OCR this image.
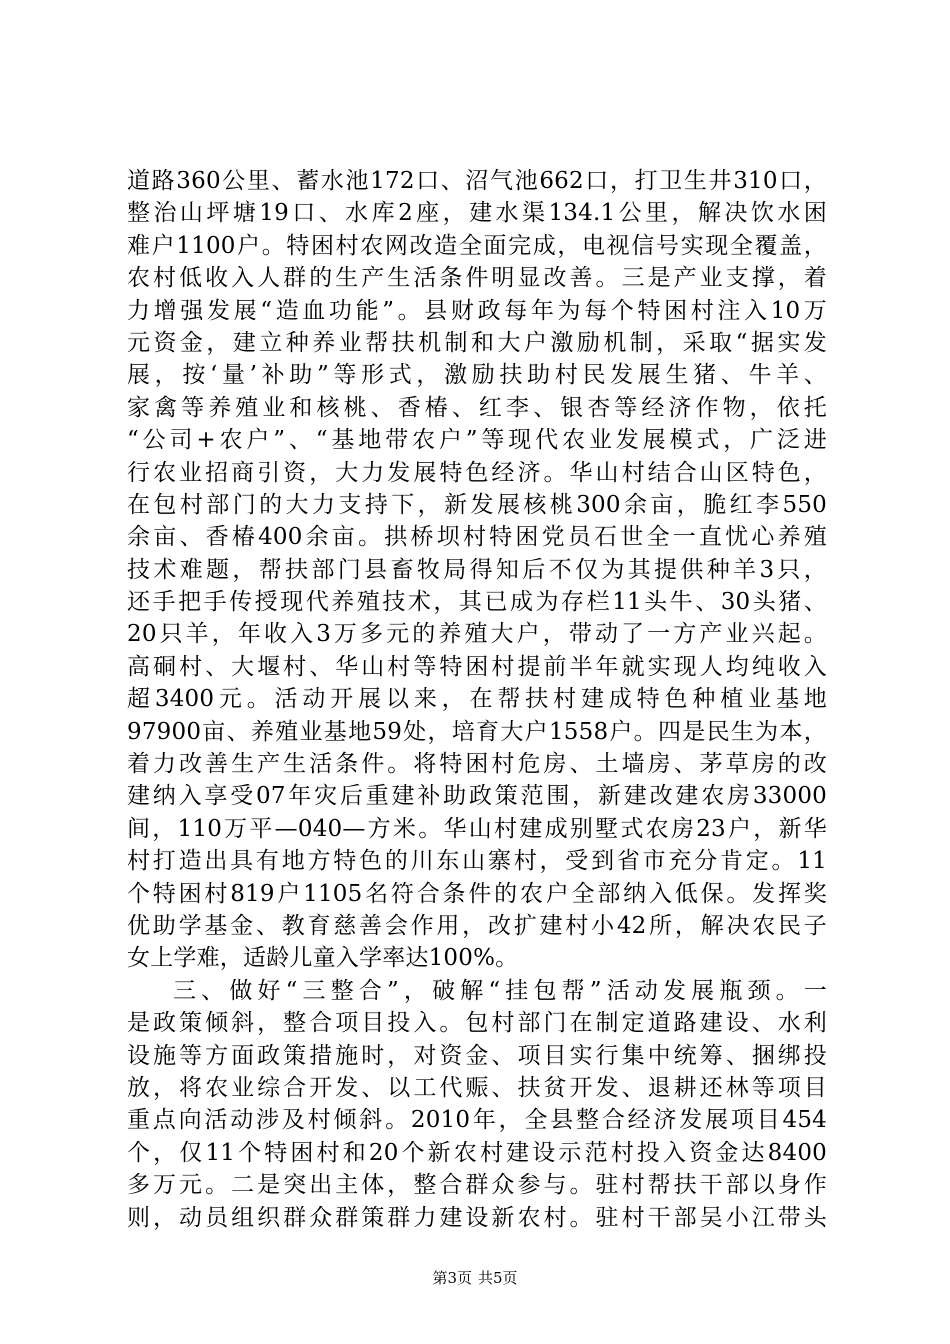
道路360公里、蓄水池172口、沼气池662口，打卫生井310口，
整治山坪塘19口、水库2座，建水渠134.1公里，解决饮水困
难户1100户。特困村农网改造全面完成，电视信号实现全覆盖，
农村低收入人群的生产生活条件明显改善。三是产业支撑，着
力增强发展“造血功能”。县财政每年为每个特困村注入10万
元资金，建立种养业帮扶机制和大户激励机制，采取“据实发
展，按‘量’补助”等形式，激励扶助村民发展生猪、牛羊、
家禽等养殖业和核桃、香椿、红李、银杏等经济作物，依托
“公司+农户”、“基地带农户”等现代农业发展模式，广泛进
行农业招商引资，大力发展特色经济。华山村结合山区特色，
在包村部门的大力支持下，新发展核桃300余亩，脆红李550
余亩、香椿400余亩。拱桥坝村特困党员石世全一直忧心养殖
技术难题，帮扶部门县畜牧局得知后不仅为其提供种羊3只，
还手把手传授现代养殖技术，其已成为存栏11头牛、30头猪、
20只羊，年收入3万多元的养殖大户，带动了一方产业兴起。
高硐村、大堰村、华山村等特困村提前半年就实现人均纯收入
超3400元。活动开展以来，在帮扶村建成特色种植业基地
97900亩、养殖业基地59处，培育大户1558户。四是民生为本，
着力改善生产生活条件。将特困村危房、土墙房、茅草房的改
建纳入享受07年灾后重建补助政策范围，新建改建农房33000
间，110万平—040—方米。华山村建成别墅式农房23户，新华
村打造出具有地方特色的川东山寨村，受到省市充分肯定。11
个特困村819户1105名符合条件的农户全部纳入低保。发挥奖
优助学基金、教育慈善会作用，改扩建村小42所，解决农民子
女上学难，适龄儿童入学率达100%。
三、做好“三整合”，破解“挂包帮”活动发展瓶颈。一
是政策倾斜，整合项目投入。包村部门在制定道路建设、水利
设施等方面政策措施时，对资金、项目实行集中统筹、捆绑投
放，将农业综合开发、以工代赈、扶贫开发、退耕还林等项目
重点向活动涉及村倾斜。2010年，全县整合经济发展项目454
个，仅11个特困村和20个新农村建设示范村投入资金达8400
多万元。二是突出主体，整合群众参与。驻村帮扶干部以身作
则，动员组织群众群策群力建设新农村。驻村干部吴小江带头
第3页 共5页
